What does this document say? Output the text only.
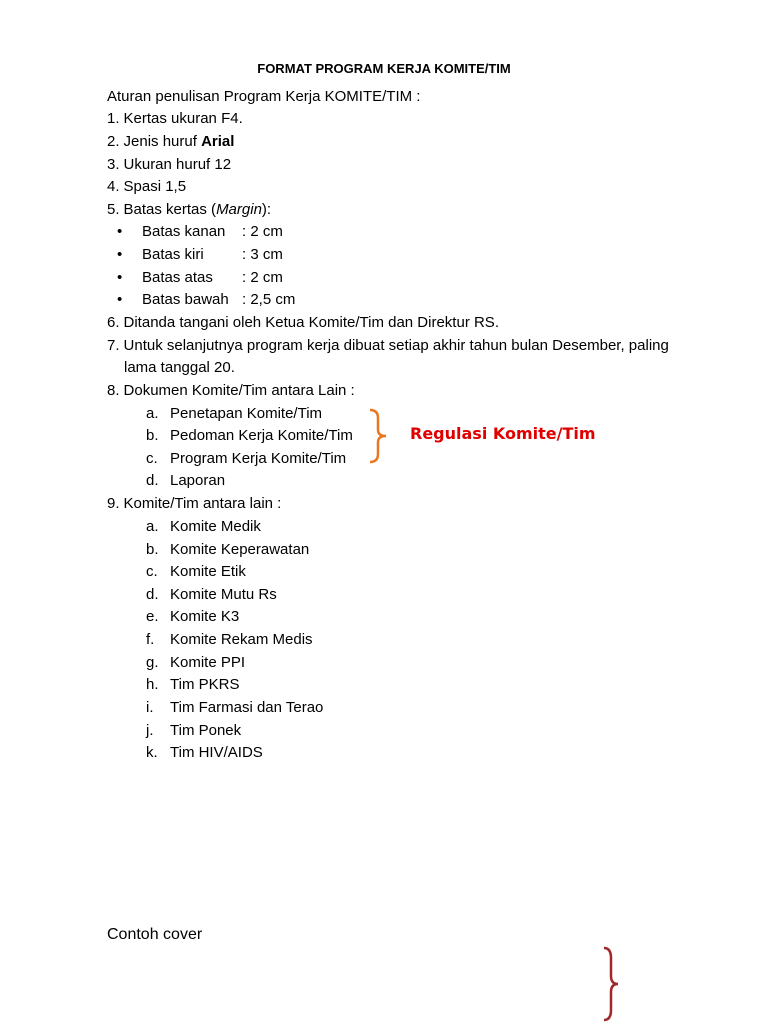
FORMAT PROGRAM KERJA KOMITE/TIM
Aturan penulisan Program Kerja KOMITE/TIM :
1. Kertas ukuran F4.
2. Jenis huruf Arial
3. Ukuran huruf 12
4. Spasi 1,5
5. Batas kertas (Margin):
• Batas kanan : 2 cm
• Batas kiri	: 3 cm
• Batas atas : 2 cm
• Batas bawah : 2,5 cm
6. Ditanda tangani oleh Ketua Komite/Tim dan Direktur RS.
7. Untuk selanjutnya program kerja dibuat setiap akhir tahun bulan Desember, paling
lama tanggal 20.
8. Dokumen Komite/Tim antara Lain :
a. Penetapan Komite/Tim
b. Pedoman Kerja Komite/Tim
c. Program Kerja Komite/Tim
d. Laporan
Regulasi Komite/Tim
9. Komite/Tim antara lain :
a. Komite Medik
b. Komite Keperawatan
c. Komite Etik
d. Komite Mutu Rs
e. Komite K3
f. Komite Rekam Medis
g. Komite PPI
h. Tim PKRS
i. Tim Farmasi dan Terao
j. Tim Ponek
k. Tim HIV/AIDS
Contoh cover
